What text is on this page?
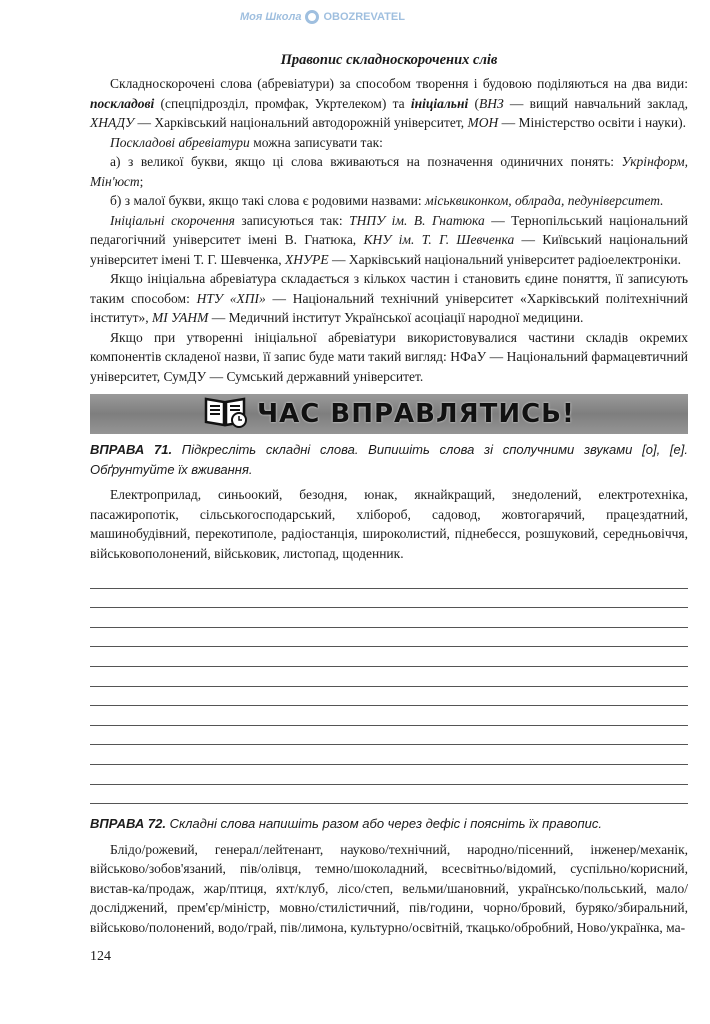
Моя Школа OBOZREVATEL
Правопис складноскорочених слів

Складноскорочені слова (абревіатури) за способом творення і будовою поділяються на два види: поскладові (спецпідрозділ, промфак, Укртелеком) та ініціальні (ВНЗ — вищий навчальний заклад, ХНАДУ — Харківський національний автодорожній університет, МОН — Міністерство освіти і науки).

Поскладові абревіатури можна записувати так:

а) з великої букви, якщо ці слова вживаються на позначення одиничних понять: Укрінформ, Мін'юст;

б) з малої букви, якщо такі слова є родовими назвами: міськвиконком, облрада, педуніверситет.

Ініціальні скорочення записуються так: ТНПУ ім. В. Гнатюка — Тернопільський національний педагогічний університет імені В. Гнатюка, КНУ ім. Т. Г. Шевченка — Київський національний університет імені Т. Г. Шевченка, ХНУРЕ — Харківський національний університет радіоелектроніки.

Якщо ініціальна абревіатура складається з кількох частин і становить єдине поняття, її записують таким способом: НТУ «ХПІ» — Національний технічний університет «Харківський політехнічний інститут», МІ УАНМ — Медичний інститут Української асоціації народної медицини.

Якщо при утворенні ініціальної абревіатури використовувалися частини складів окремих компонентів складеної назви, її запис буде мати такий вигляд: НФаУ — Національний фармацевтичний університет, СумДУ — Сумський державний університет.

ЧАС ВПРАВЛЯТИСЬ!
ВПРАВА 71. Підкресліть складні слова. Випишіть слова зі сполучними звуками [о], [е]. Обґрунтуйте їх вживання.

Електроприлад, синьоокий, безодня, юнак, якнайкращий, знедолений, електротехніка, пасажиропотік, сільськогосподарський, хлібороб, садовод, жовтогарячий, працездатний, машинобудівний, перекотиполе, радіостанція, широколистий, піднебесся, розшуковий, середньовіччя, військовополонений, військовик, листопад, щоденник.

ВПРАВА 72. Складні слова напишіть разом або через дефіс і поясніть їх правопис.

Блідо/рожевий, генерал/лейтенант, науково/технічний, народно/пісенний, інженер/механік, військово/зобов'язаний, пів/олівця, темно/шоколадний, всесвітньо/відомий, суспільно/корисний, вистав-ка/продаж, жар/птиця, яхт/клуб, лісо/степ, вельми/шановний, українсько/польський, мало/досліджений, прем'єр/міністр, мовно/стилістичний, пів/години, чорно/бровий, буряко/збиральний, військово/полонений, водо/грай, пів/лимона, культурно/освітній, ткацько/обробний, Ново/українка, ма-

124
